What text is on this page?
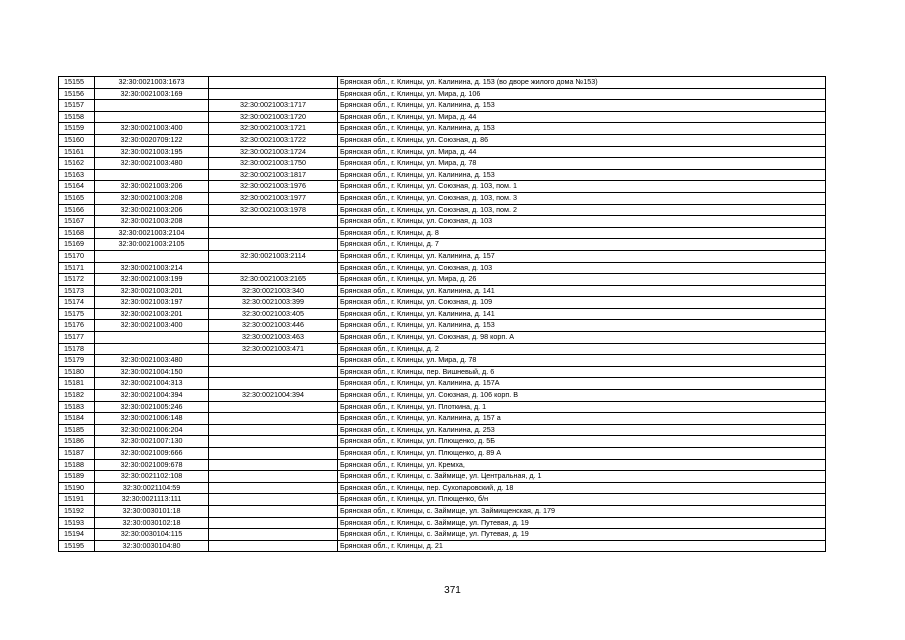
15155	32:30:0021003:1673		Брянская обл., г. Клинцы, ул. Калинина, д. 153 (во дворе жилого дома №153)
15156	32:30:0021003:169		Брянская обл., г. Клинцы, ул. Мира, д. 106
15157		32:30:0021003:1717	Брянская обл., г. Клинцы, ул. Калинина, д. 153
15158		32:30:0021003:1720	Брянская обл., г. Клинцы, ул. Мира, д. 44
15159	32:30:0021003:400	32:30:0021003:1721	Брянская обл., г. Клинцы, ул. Калинина, д. 153
15160	32:30:0020709:122	32:30:0021003:1722	Брянская обл., г. Клинцы, ул. Союзная, д. 86
15161	32:30:0021003:195	32:30:0021003:1724	Брянская обл., г. Клинцы, ул. Мира, д. 44
15162	32:30:0021003:480	32:30:0021003:1750	Брянская обл., г. Клинцы, ул. Мира, д. 78
15163		32:30:0021003:1817	Брянская обл., г. Клинцы, ул. Калинина, д. 153
15164	32:30:0021003:206	32:30:0021003:1976	Брянская обл., г. Клинцы, ул. Союзная, д. 103, пом. 1
15165	32:30:0021003:208	32:30:0021003:1977	Брянская обл., г. Клинцы, ул. Союзная, д. 103, пом. 3
15166	32:30:0021003:206	32:30:0021003:1978	Брянская обл., г. Клинцы, ул. Союзная, д. 103, пом. 2
15167	32:30:0021003:208		Брянская обл., г. Клинцы, ул. Союзная, д. 103
15168	32:30:0021003:2104		Брянская обл., г. Клинцы, д. 8
15169	32:30:0021003:2105		Брянская обл., г. Клинцы, д. 7
15170		32:30:0021003:2114	Брянская обл., г. Клинцы, ул. Калинина, д. 157
15171	32:30:0021003:214		Брянская обл., г. Клинцы, ул. Союзная, д. 103
15172	32:30:0021003:199	32:30:0021003:2165	Брянская обл., г. Клинцы, ул. Мира, д. 26
15173	32:30:0021003:201	32:30:0021003:340	Брянская обл., г. Клинцы, ул. Калинина, д. 141
15174	32:30:0021003:197	32:30:0021003:399	Брянская обл., г. Клинцы, ул. Союзная, д. 109
15175	32:30:0021003:201	32:30:0021003:405	Брянская обл., г. Клинцы, ул. Калинина, д. 141
15176	32:30:0021003:400	32:30:0021003:446	Брянская обл., г. Клинцы, ул. Калинина, д. 153
15177		32:30:0021003:463	Брянская обл., г. Клинцы, ул. Союзная, д. 98 корп. А
15178		32:30:0021003:471	Брянская обл., г. Клинцы, д. 2
15179	32:30:0021003:480		Брянская обл., г. Клинцы, ул. Мира, д. 78
15180	32:30:0021004:150		Брянская обл., г. Клинцы, пер. Вишневый, д. 6
15181	32:30:0021004:313		Брянская обл., г. Клинцы, ул. Калинина, д. 157А
15182	32:30:0021004:394	32:30:0021004:394	Брянская обл., г. Клинцы, ул. Союзная, д. 106 корп. В
15183	32:30:0021005:246		Брянская обл., г. Клинцы, ул. Плоткина, д. 1
15184	32:30:0021006:148		Брянская обл., г. Клинцы, ул. Калинина, д. 157 а
15185	32:30:0021006:204		Брянская обл., г. Клинцы, ул. Калинина, д. 253
15186	32:30:0021007:130		Брянская обл., г. Клинцы, ул. Плющенко, д. 5Б
15187	32:30:0021009:666		Брянская обл., г. Клинцы, ул. Плющенко, д. 89 А
15188	32:30:0021009:678		Брянская обл., г. Клинцы, ул. Кремха,
15189	32:30:0021102:108		Брянская обл., г. Клинцы, с. Займище, ул. Центральная, д. 1
15190	32:30:0021104:59		Брянская обл., г. Клинцы, пер. Сухопаровский, д. 18
15191	32:30:0021113:111		Брянская обл., г. Клинцы, ул. Плющенко, б/н
15192	32:30:0030101:18		Брянская обл., г. Клинцы, с. Займище, ул. Займищенская, д. 179
15193	32:30:0030102:18		Брянская обл., г. Клинцы, с. Займище, ул. Путевая, д. 19
15194	32:30:0030104:115		Брянская обл., г. Клинцы, с. Займище, ул. Путевая, д. 19
15195	32:30:0030104:80		Брянская обл., г. Клинцы, д. 21
371
